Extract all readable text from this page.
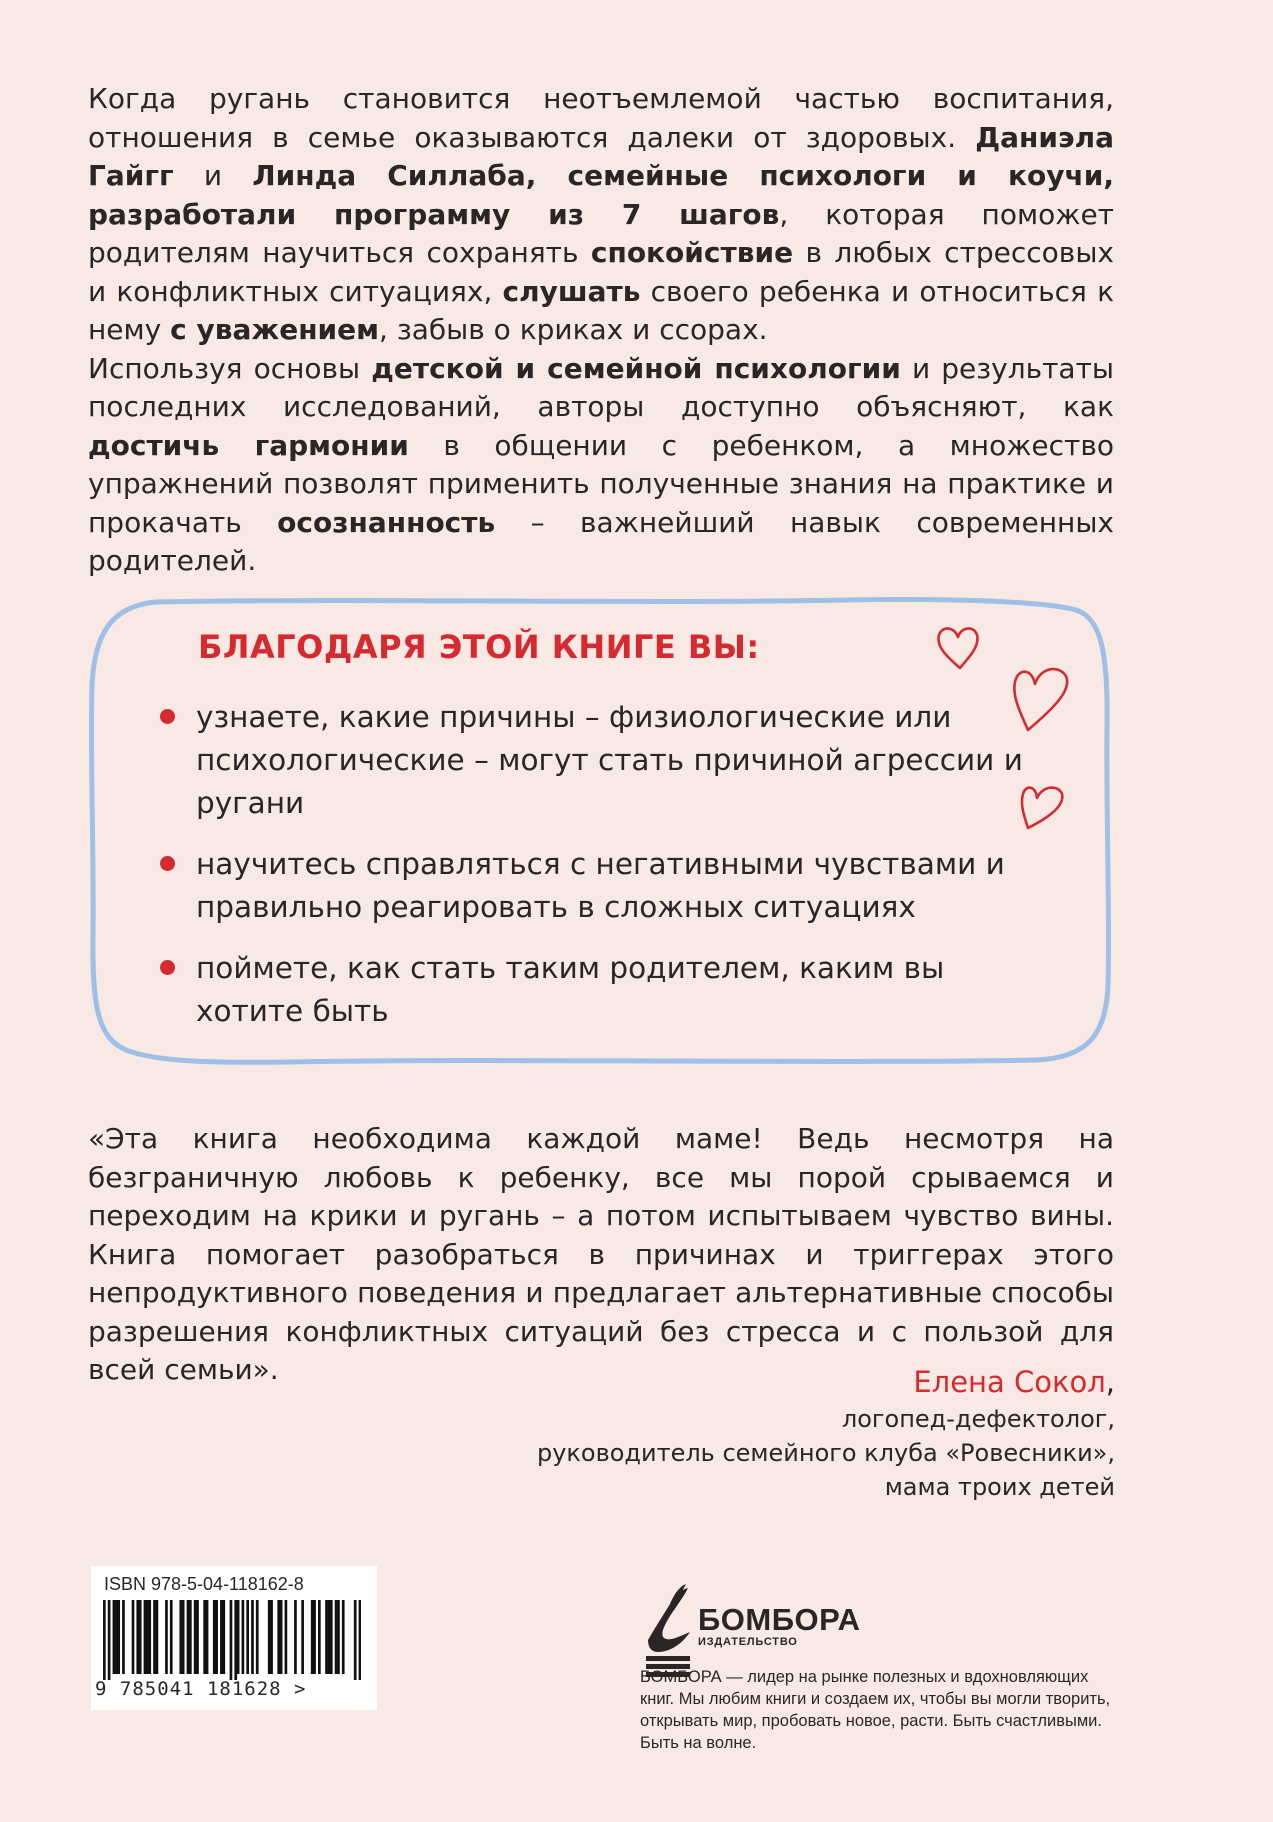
Когда ругань становится неотъемлемой частью воспитания, отношения в семье оказываются далеки от здоровых. Даниэла Гайгг и Линда Силлаба, семейные психологи и коучи, разработали программу из 7 шагов, которая поможет родителям научиться сохранять спокойствие в любых стрессовых и конфликтных ситуациях, слушать своего ребенка и относиться к нему с уважением, забыв о криках и ссорах.

Используя основы детской и семейной психологии и результаты последних исследований, авторы доступно объясняют, как достичь гармонии в общении с ребенком, а множество упражнений позволят применить полученные знания на практике и прокачать осознанность – важнейший навык современных родителей.

БЛАГОДАРЯ ЭТОЙ КНИГЕ ВЫ:
узнаете, какие причины – физиологические или психологические – могут стать причиной агрессии и ругани
научитесь справляться с негативными чувствами и правильно реагировать в сложных ситуациях
поймете, как стать таким родителем, каким вы хотите быть

«Эта книга необходима каждой маме! Ведь несмотря на безграничную любовь к ребенку, все мы порой срываемся и переходим на крики и ругань – а потом испытываем чувство вины. Книга помогает разобраться в причинах и триггерах этого непродуктивного поведения и предлагает альтернативные способы разрешения конфликтных ситуаций без стресса и с пользой для всей семьи».	Елена Сокол,
логопед-дефектолог,
руководитель семейного клуба «Ровесники»,
мама троих детей
ISBN 978-5-04-118162-8
9 785041 181628 >
БОМБОРА
ИЗДАТЕЛЬСТВО
БОМБОРА — лидер на рынке полезных и вдохновляющих книг. Мы любим книги и создаем их, чтобы вы могли творить, открывать мир, пробовать новое, расти. Быть счастливыми. Быть на волне.
